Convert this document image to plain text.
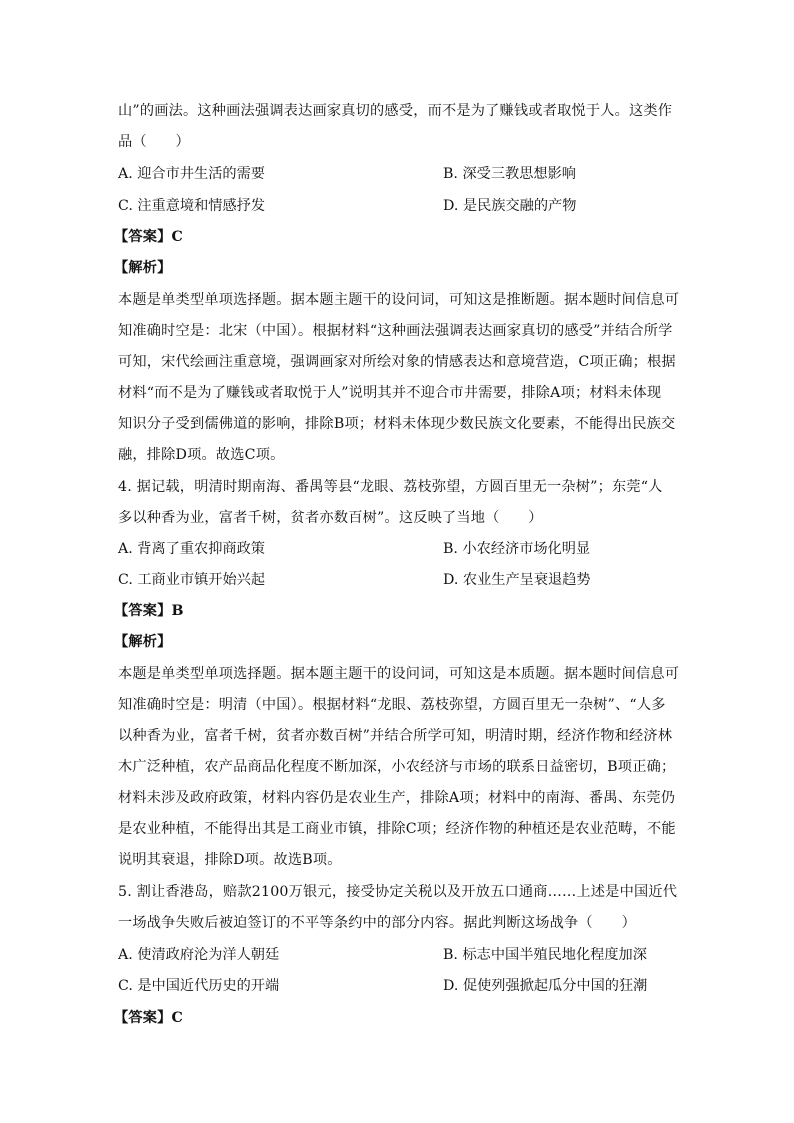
山”的画法。这种画法强调表达画家真切的感受，而不是为了赚钱或者取悦于人。这类作
品（　　）
A. 迎合市井生活的需要	B. 深受三教思想影响
C. 注重意境和情感抒发	D. 是民族交融的产物
【答案】C
【解析】
本题是单类型单项选择题。据本题主题干的设问词，可知这是推断题。据本题时间信息可
知准确时空是：北宋（中国）。根据材料“这种画法强调表达画家真切的感受”并结合所学
可知，宋代绘画注重意境，强调画家对所绘对象的情感表达和意境营造，C项正确；根据
材料“而不是为了赚钱或者取悦于人”说明其并不迎合市井需要，排除A项；材料未体现
知识分子受到儒佛道的影响，排除B项；材料未体现少数民族文化要素，不能得出民族交
融，排除D项。故选C项。
4. 据记载，明清时期南海、番禺等县“龙眼、荔枝弥望，方圆百里无一杂树”；东莞“人
多以种香为业，富者千树，贫者亦数百树”。这反映了当地（　　）
A. 背离了重农抑商政策	B. 小农经济市场化明显
C. 工商业市镇开始兴起	D. 农业生产呈衰退趋势
【答案】B
【解析】
本题是单类型单项选择题。据本题主题干的设问词，可知这是本质题。据本题时间信息可
知准确时空是：明清（中国）。根据材料“龙眼、荔枝弥望，方圆百里无一杂树”、“人多
以种香为业，富者千树，贫者亦数百树”并结合所学可知，明清时期，经济作物和经济林
木广泛种植，农产品商品化程度不断加深，小农经济与市场的联系日益密切，B项正确；
材料未涉及政府政策，材料内容仍是农业生产，排除A项；材料中的南海、番禺、东莞仍
是农业种植，不能得出其是工商业市镇，排除C项；经济作物的种植还是农业范畴，不能
说明其衰退，排除D项。故选B项。
5. 割让香港岛，赔款2100万银元，接受协定关税以及开放五口通商……上述是中国近代
一场战争失败后被迫签订的不平等条约中的部分内容。据此判断这场战争（　　）
A. 使清政府沦为洋人朝廷	B. 标志中国半殖民地化程度加深
C. 是中国近代历史的开端	D. 促使列强掀起瓜分中国的狂潮
【答案】C
